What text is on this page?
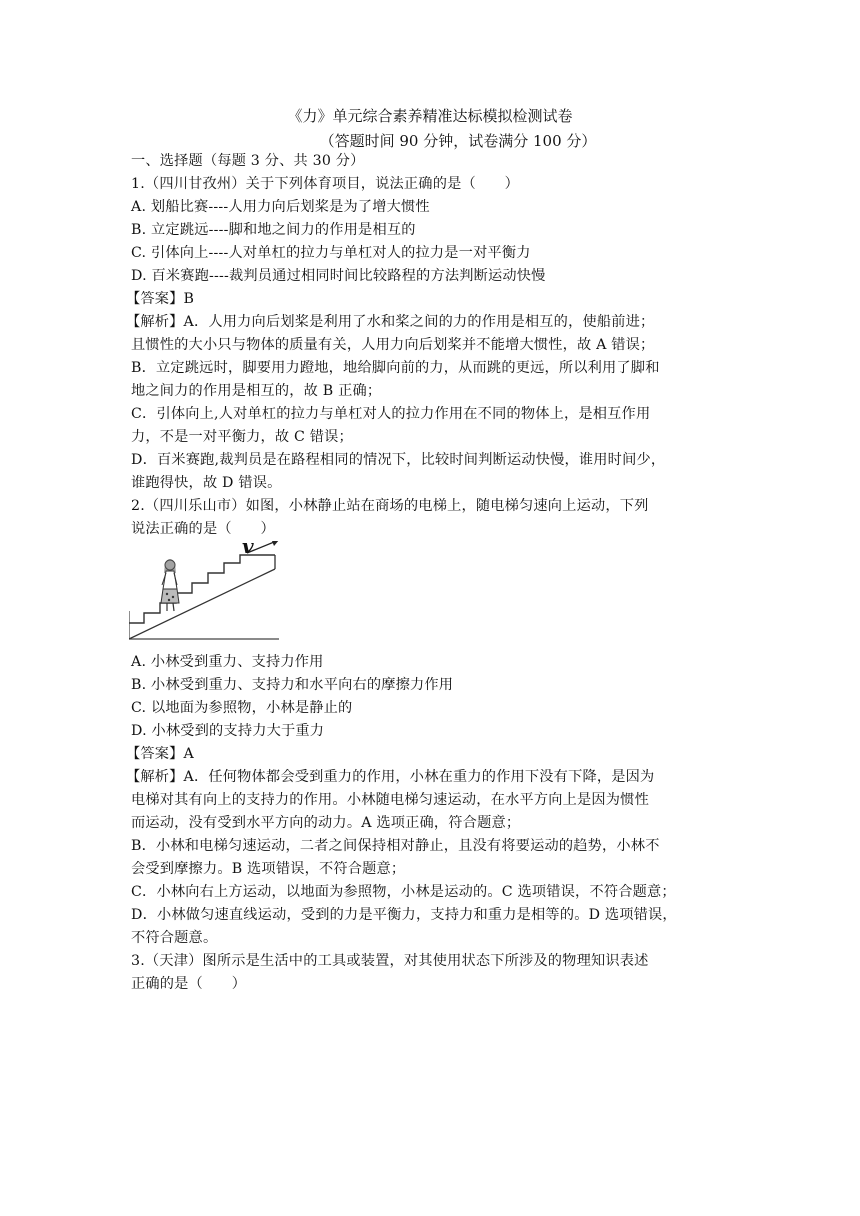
《力》单元综合素养精准达标模拟检测试卷
（答题时间 90 分钟，试卷满分 100 分）
一、选择题（每题 3 分、共 30 分）
1.（四川甘孜州）关于下列体育项目，说法正确的是（　　）
A. 划船比赛----人用力向后划桨是为了增大惯性
B. 立定跳远----脚和地之间力的作用是相互的
C. 引体向上----人对单杠的拉力与单杠对人的拉力是一对平衡力
D. 百米赛跑----裁判员通过相同时间比较路程的方法判断运动快慢
【答案】B
【解析】A．人用力向后划桨是利用了水和桨之间的力的作用是相互的，使船前进；
且惯性的大小只与物体的质量有关，人用力向后划桨并不能增大惯性，故 A 错误；
B．立定跳远时，脚要用力蹬地，地给脚向前的力，从而跳的更远，所以利用了脚和
地之间力的作用是相互的，故 B 正确；
C．引体向上,人对单杠的拉力与单杠对人的拉力作用在不同的物体上，是相互作用
力，不是一对平衡力，故 C 错误；
D．百米赛跑,裁判员是在路程相同的情况下，比较时间判断运动快慢，谁用时间少，
谁跑得快，故 D 错误。
2.（四川乐山市）如图，小林静止站在商场的电梯上，随电梯匀速向上运动，下列
说法正确的是（　　）
v
A. 小林受到重力、支持力作用
B. 小林受到重力、支持力和水平向右的摩擦力作用
C. 以地面为参照物，小林是静止的
D. 小林受到的支持力大于重力
【答案】A
【解析】A．任何物体都会受到重力的作用，小林在重力的作用下没有下降，是因为
电梯对其有向上的支持力的作用。小林随电梯匀速运动，在水平方向上是因为惯性
而运动，没有受到水平方向的动力。A 选项正确，符合题意；
B．小林和电梯匀速运动，二者之间保持相对静止，且没有将要运动的趋势，小林不
会受到摩擦力。B 选项错误，不符合题意；
C．小林向右上方运动，以地面为参照物，小林是运动的。C 选项错误，不符合题意；
D．小林做匀速直线运动，受到的力是平衡力，支持力和重力是相等的。D 选项错误，
不符合题意。
3.（天津）图所示是生活中的工具或装置，对其使用状态下所涉及的物理知识表述
正确的是（　　）
